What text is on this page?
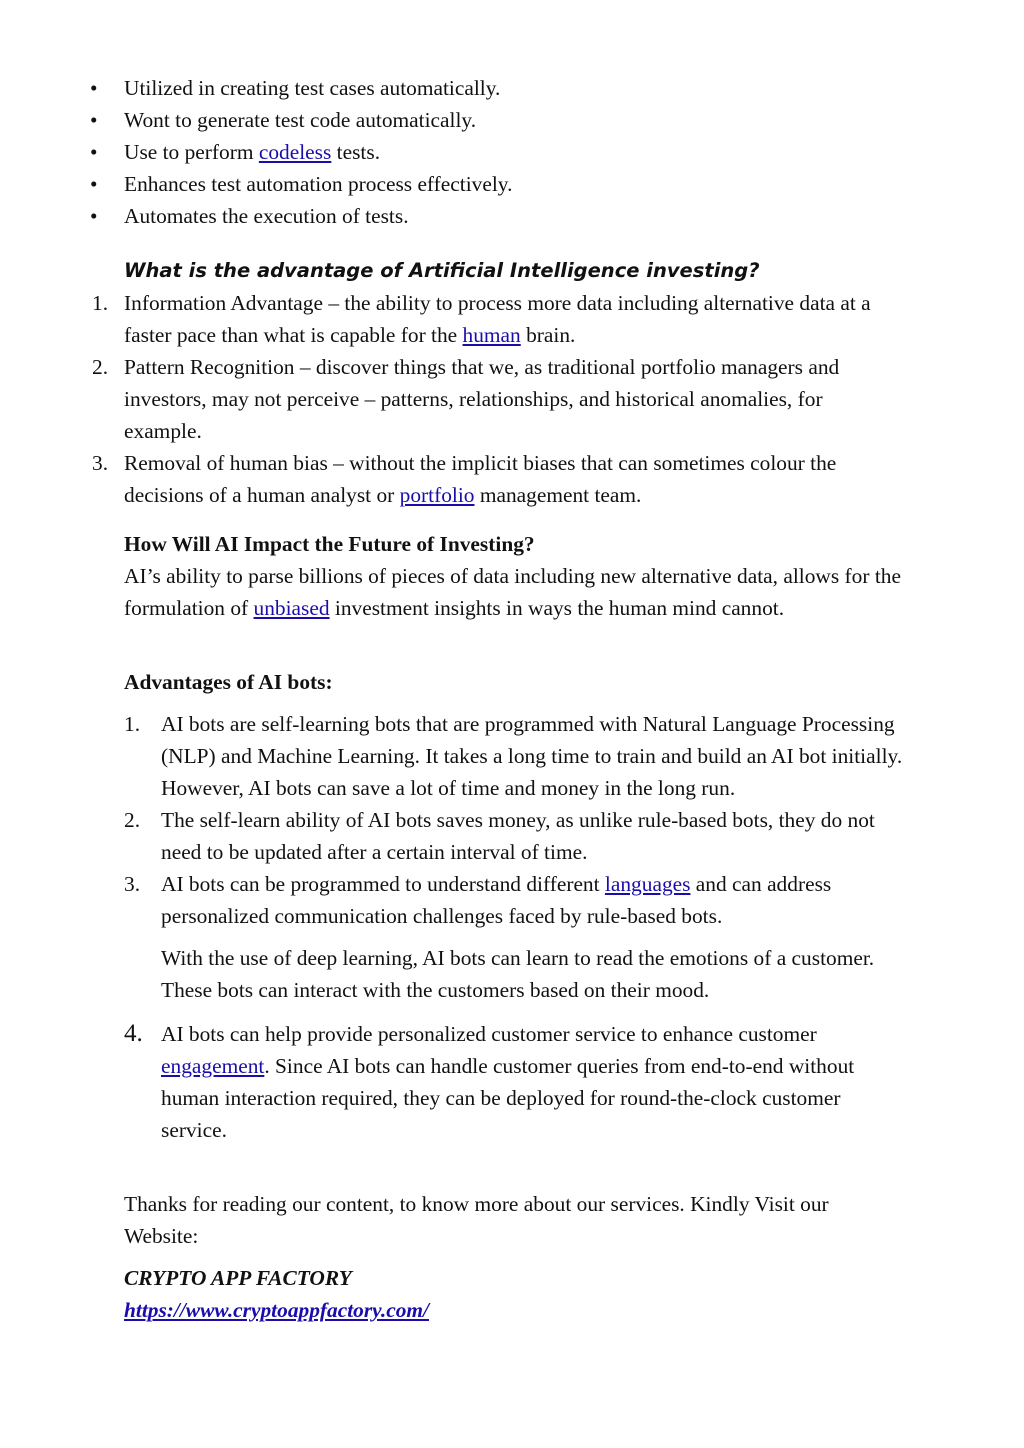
• Utilized in creating test cases automatically.
• Wont to generate test code automatically.
• Use to perform codeless tests.
• Enhances test automation process effectively.
• Automates the execution of tests.

What is the advantage of Artificial Intelligence investing?

1. Information Advantage – the ability to process more data including alternative data at a faster pace than what is capable for the human brain.
2. Pattern Recognition – discover things that we, as traditional portfolio managers and investors, may not perceive – patterns, relationships, and historical anomalies, for example.
3. Removal of human bias – without the implicit biases that can sometimes colour the decisions of a human analyst or portfolio management team.

How Will AI Impact the Future of Investing?

AI’s ability to parse billions of pieces of data including new alternative data, allows for the formulation of unbiased investment insights in ways the human mind cannot.

Advantages of AI bots:

1. AI bots are self-learning bots that are programmed with Natural Language Processing (NLP) and Machine Learning. It takes a long time to train and build an AI bot initially. However, AI bots can save a lot of time and money in the long run.
2. The self-learn ability of AI bots saves money, as unlike rule-based bots, they do not need to be updated after a certain interval of time.
3. AI bots can be programmed to understand different languages and can address personalized communication challenges faced by rule-based bots.

With the use of deep learning, AI bots can learn to read the emotions of a customer. These bots can interact with the customers based on their mood.

4. AI bots can help provide personalized customer service to enhance customer engagement. Since AI bots can handle customer queries from end-to-end without human interaction required, they can be deployed for round-the-clock customer service.

Thanks for reading our content, to know more about our services. Kindly Visit our Website:

CRYPTO APP FACTORY

https://www.cryptoappfactory.com/
